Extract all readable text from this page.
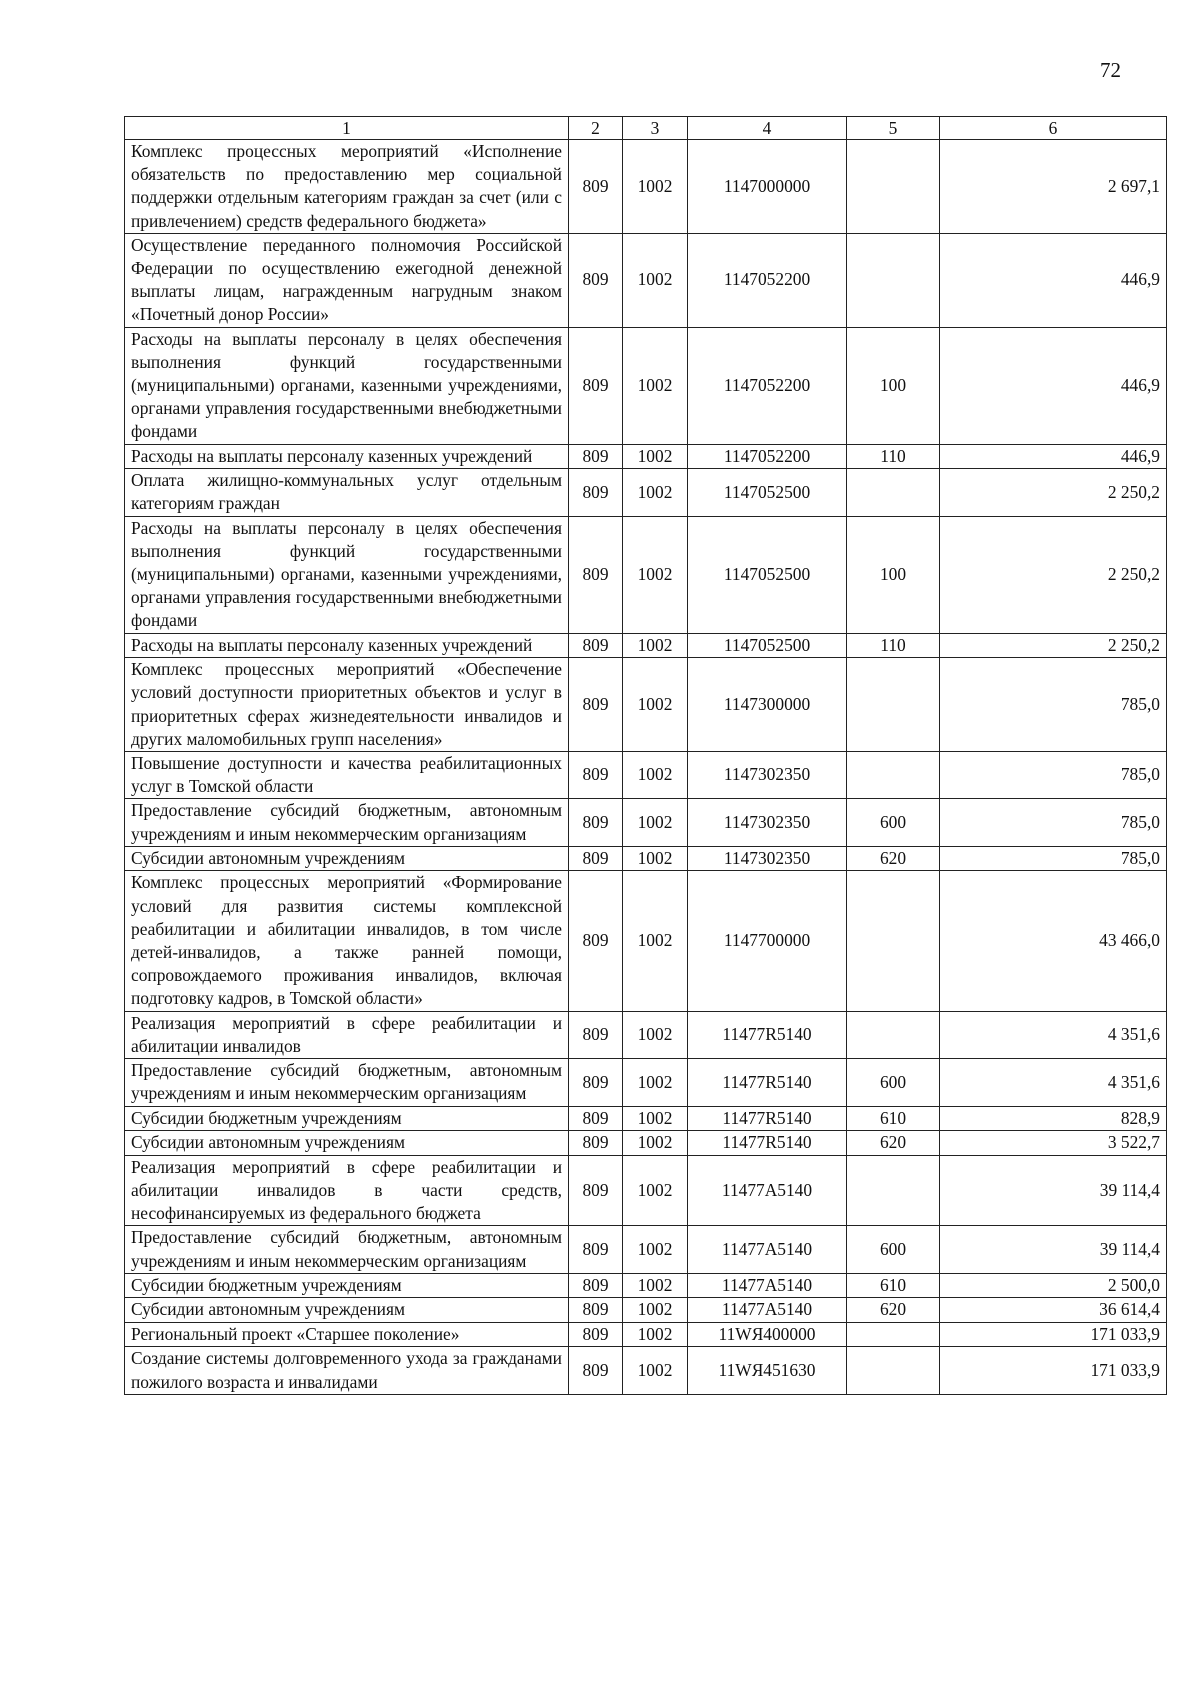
72
1	2	3	4	5	6
Комплекс процессных мероприятий «Исполнение обязательств по предоставлению мер социальной поддержки отдельным категориям граждан за счет (или с привлечением) средств федерального бюджета»	809	1002	1147000000		2 697,1
Осуществление переданного полномочия Российской Федерации по осуществлению ежегодной денежной выплаты лицам, награжденным нагрудным знаком «Почетный донор России»	809	1002	1147052200		446,9
Расходы на выплаты персоналу в целях обеспечения выполнения функций государственными (муниципальными) органами, казенными учреждениями, органами управления государственными внебюджетными фондами	809	1002	1147052200	100	446,9
Расходы на выплаты персоналу казенных учреждений	809	1002	1147052200	110	446,9
Оплата жилищно-коммунальных услуг отдельным категориям граждан	809	1002	1147052500		2 250,2
Расходы на выплаты персоналу в целях обеспечения выполнения функций государственными (муниципальными) органами, казенными учреждениями, органами управления государственными внебюджетными фондами	809	1002	1147052500	100	2 250,2
Расходы на выплаты персоналу казенных учреждений	809	1002	1147052500	110	2 250,2
Комплекс процессных мероприятий «Обеспечение условий доступности приоритетных объектов и услуг в приоритетных сферах жизнедеятельности инвалидов и других маломобильных групп населения»	809	1002	1147300000		785,0
Повышение доступности и качества реабилитационных услуг в Томской области	809	1002	1147302350		785,0
Предоставление субсидий бюджетным, автономным учреждениям и иным некоммерческим организациям	809	1002	1147302350	600	785,0
Субсидии автономным учреждениям	809	1002	1147302350	620	785,0
Комплекс процессных мероприятий «Формирование условий для развития системы комплексной реабилитации и абилитации инвалидов, в том числе детей-инвалидов, а также ранней помощи, сопровождаемого проживания инвалидов, включая подготовку кадров, в Томской области»	809	1002	1147700000		43 466,0
Реализация мероприятий в сфере реабилитации и абилитации инвалидов	809	1002	11477R5140		4 351,6
Предоставление субсидий бюджетным, автономным учреждениям и иным некоммерческим организациям	809	1002	11477R5140	600	4 351,6
Субсидии бюджетным учреждениям	809	1002	11477R5140	610	828,9
Субсидии автономным учреждениям	809	1002	11477R5140	620	3 522,7
Реализация мероприятий в сфере реабилитации и абилитации инвалидов в части средств, несофинансируемых из федерального бюджета	809	1002	11477A5140		39 114,4
Предоставление субсидий бюджетным, автономным учреждениям и иным некоммерческим организациям	809	1002	11477A5140	600	39 114,4
Субсидии бюджетным учреждениям	809	1002	11477A5140	610	2 500,0
Субсидии автономным учреждениям	809	1002	11477A5140	620	36 614,4
Региональный проект «Старшее поколение»	809	1002	11WЯ400000		171 033,9
Создание системы долговременного ухода за гражданами пожилого возраста и инвалидами	809	1002	11WЯ451630		171 033,9
